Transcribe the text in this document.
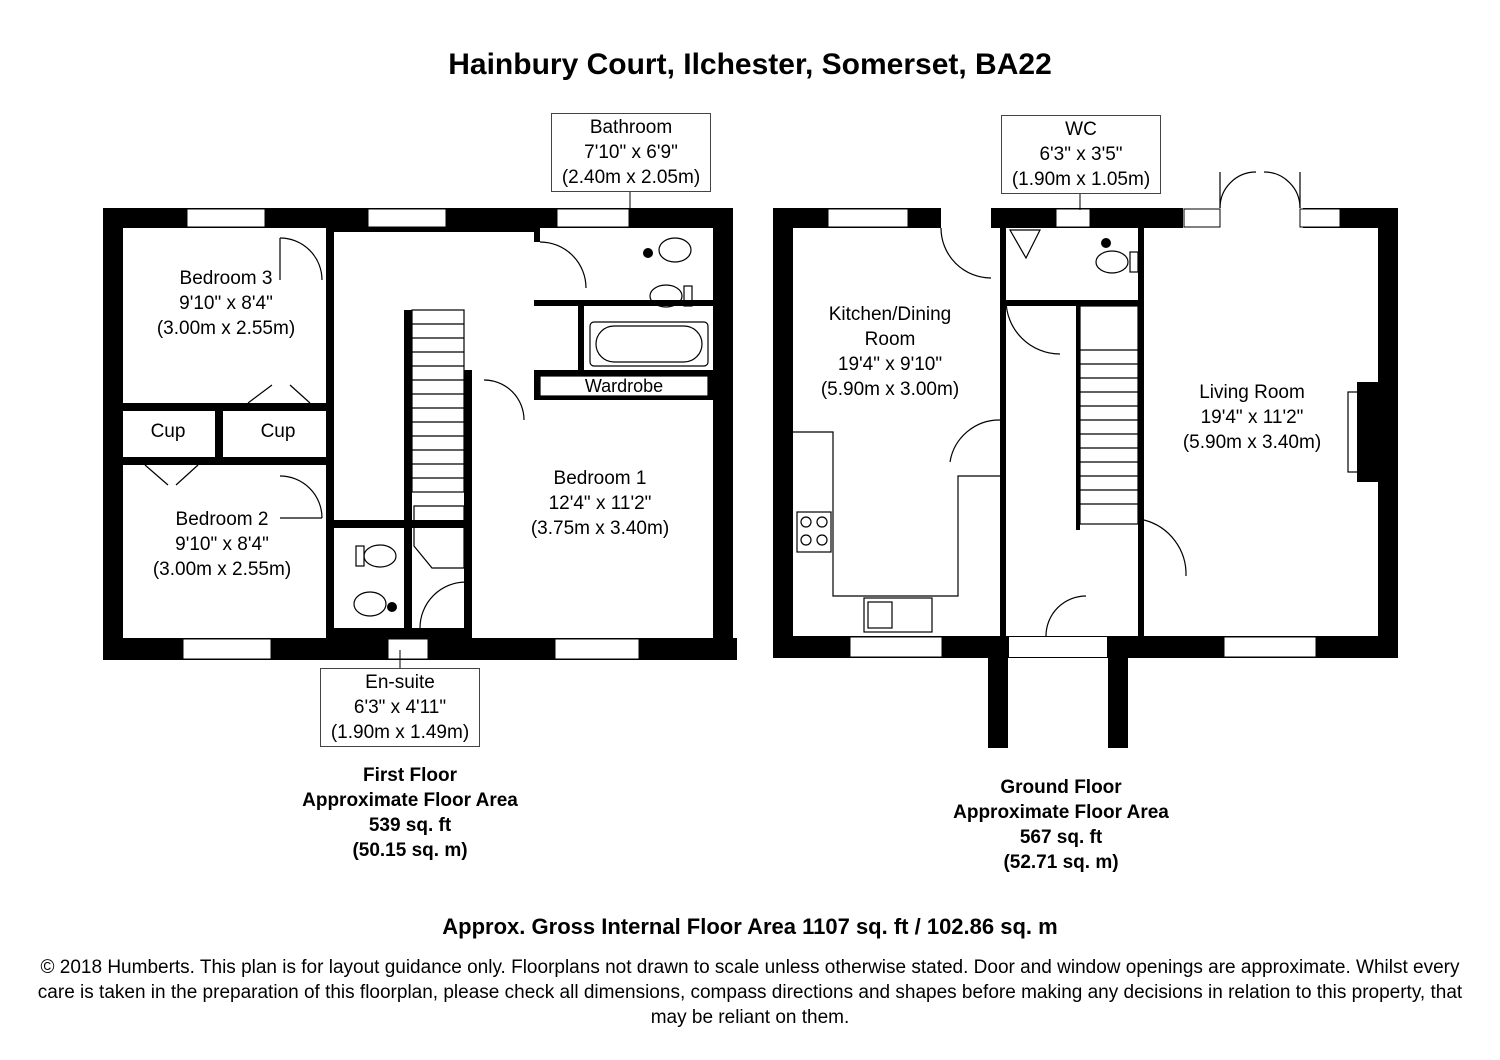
Hainbury Court, Ilchester, Somerset, BA22
Bathroom
7'10" x 6'9"
(2.40m x 2.05m)
Bedroom 3
9'10" x 8'4"
(3.00m x 2.55m)
Cup	Cup
Wardrobe
Bedroom 1
12'4" x 11'2"
(3.75m x 3.40m)
Bedroom 2
9'10" x 8'4"
(3.00m x 2.55m)
En-suite
6'3" x 4'11"
(1.90m x 1.49m)
WC
6'3" x 3'5"
(1.90m x 1.05m)
Kitchen/Dining
Room
19'4" x 9'10"
(5.90m x 3.00m)	Living Room
19'4" x 11'2"
(5.90m x 3.40m)
First Floor
Approximate Floor Area
539 sq. ft
(50.15 sq. m)
Ground Floor
Approximate Floor Area
567 sq. ft
(52.71 sq. m)
Approx. Gross Internal Floor Area 1107 sq. ft / 102.86 sq. m
© 2018 Humberts. This plan is for layout guidance only. Floorplans not drawn to scale unless otherwise stated. Door and window openings are approximate. Whilst every care is taken in the preparation of this floorplan, please check all dimensions, compass directions and shapes before making any decisions in relation to this property, that may be reliant on them.
